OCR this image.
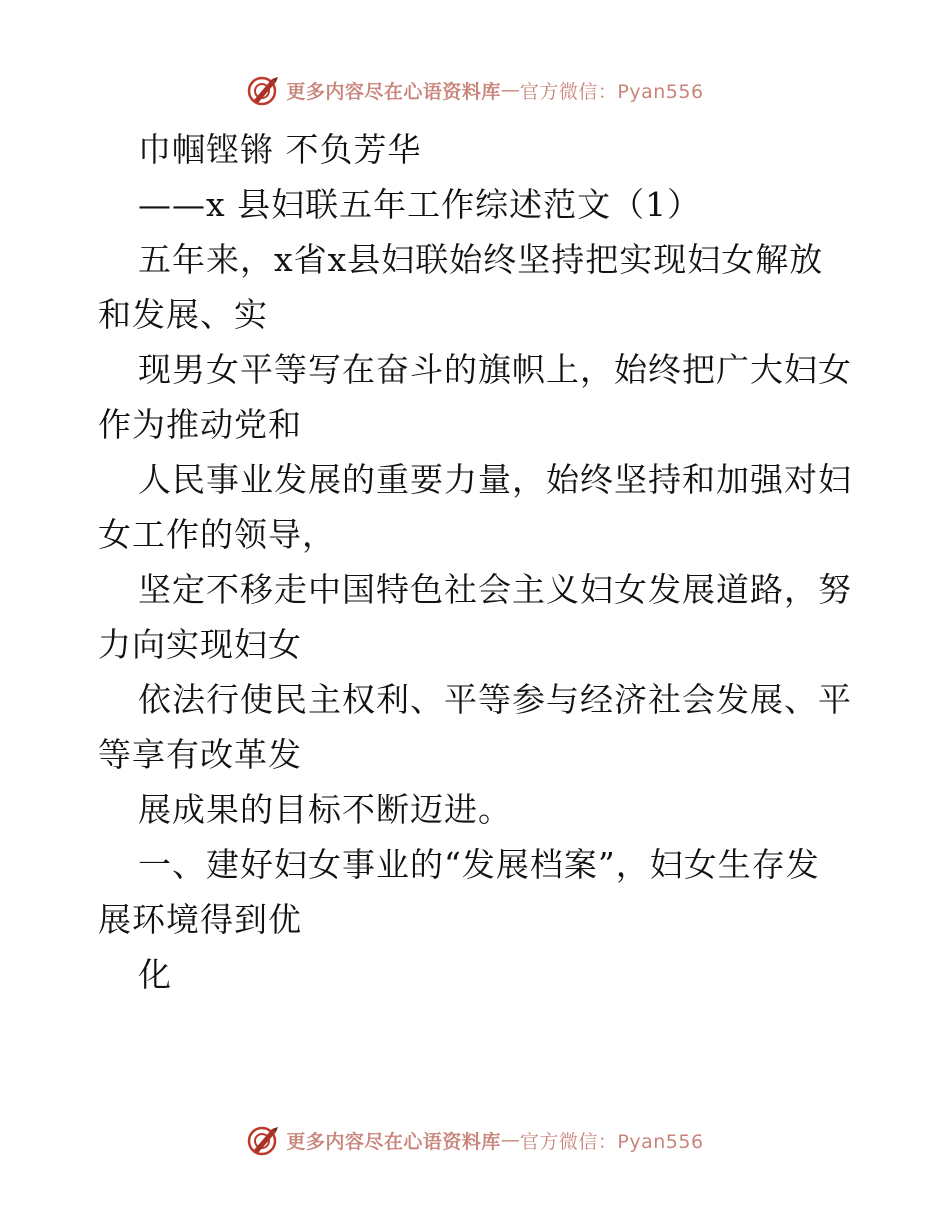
更多内容尽在心语资料库 — 官方微信：Pyan556
巾帼铿锵 不负芳华
——x 县妇联五年工作综述范文（1）
五年来，x省x县妇联始终坚持把实现妇女解放
和发展、实
现男女平等写在奋斗的旗帜上，始终把广大妇女
作为推动党和
人民事业发展的重要力量，始终坚持和加强对妇
女工作的领导，
坚定不移走中国特色社会主义妇女发展道路，努
力向实现妇女
依法行使民主权利、平等参与经济社会发展、平
等享有改革发
展成果的目标不断迈进。
一、建好妇女事业的“发展档案”，妇女生存发
展环境得到优
化
更多内容尽在心语资料库 — 官方微信：Pyan556
